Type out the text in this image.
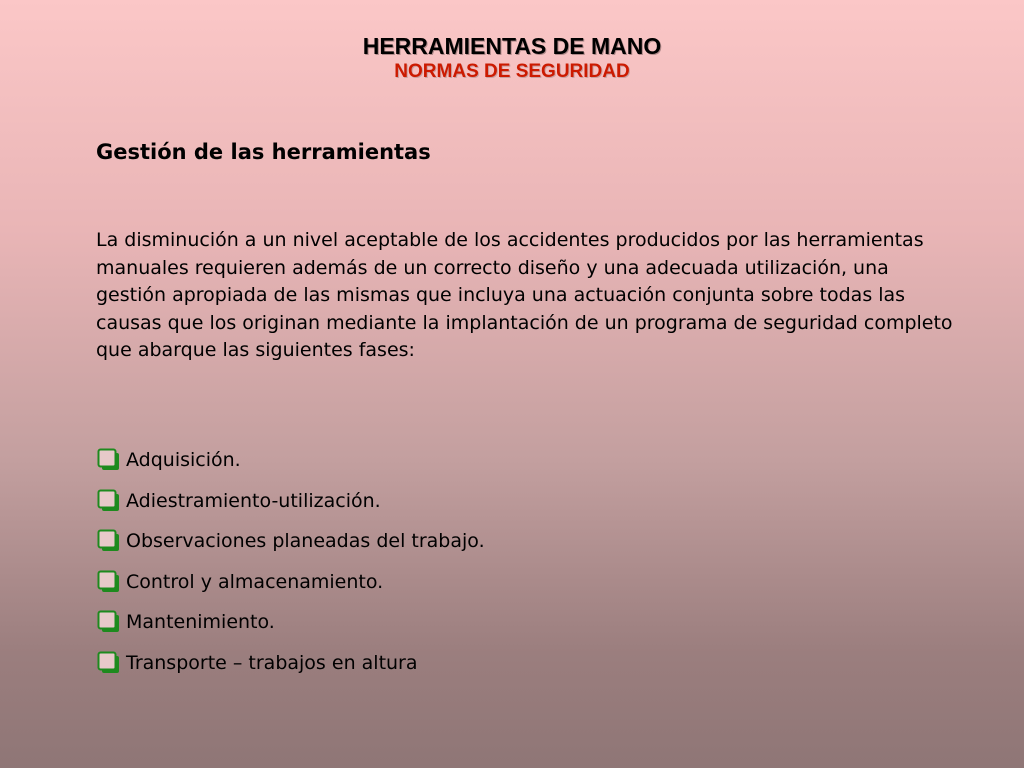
HERRAMIENTAS DE MANO
NORMAS DE SEGURIDAD
Gestión de las herramientas
La disminución a un nivel aceptable de los accidentes producidos por las herramientas manuales requieren además de un correcto diseño y una adecuada utilización, una gestión apropiada de las mismas que incluya una actuación conjunta sobre todas las causas que los originan mediante la implantación de un programa de seguridad completo que abarque las siguientes fases:
Adquisición.
Adiestramiento-utilización.
Observaciones planeadas del trabajo.
Control y almacenamiento.
Mantenimiento.
Transporte – trabajos en altura
